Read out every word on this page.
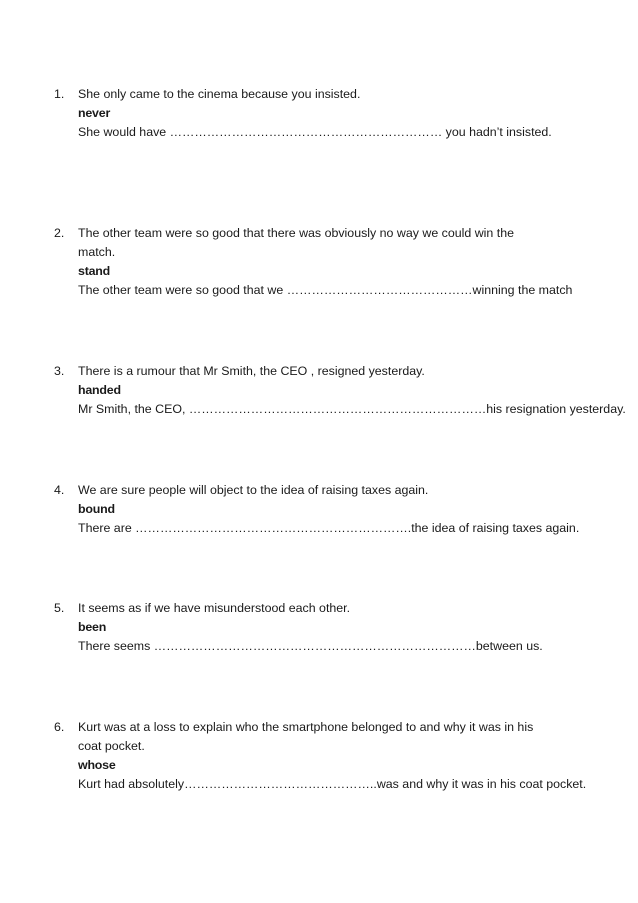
1.	She only came to the cinema because you insisted.
never
She would have ………………………………………………………… you hadn’t insisted.
2.	The other team were so good that there was obviously no way we could win the
match.
stand
The other team were so good that we ………………………………………winning the match
3.	There is a rumour that Mr Smith, the CEO , resigned yesterday.
handed
Mr Smith, the CEO, ………………………………………………………………his resignation yesterday.
4.	We are sure people will object to the idea of raising taxes again.
bound
There are ………………………………………………………….the idea of raising taxes again.
5.	It seems as if we have misunderstood each other.
been
There seems ……………………………………………………………………between us.
6.	Kurt was at a loss to explain who the smartphone belonged to and why it was in his
coat pocket.
whose
Kurt had absolutely………………………………………..was and why it was in his coat pocket.
